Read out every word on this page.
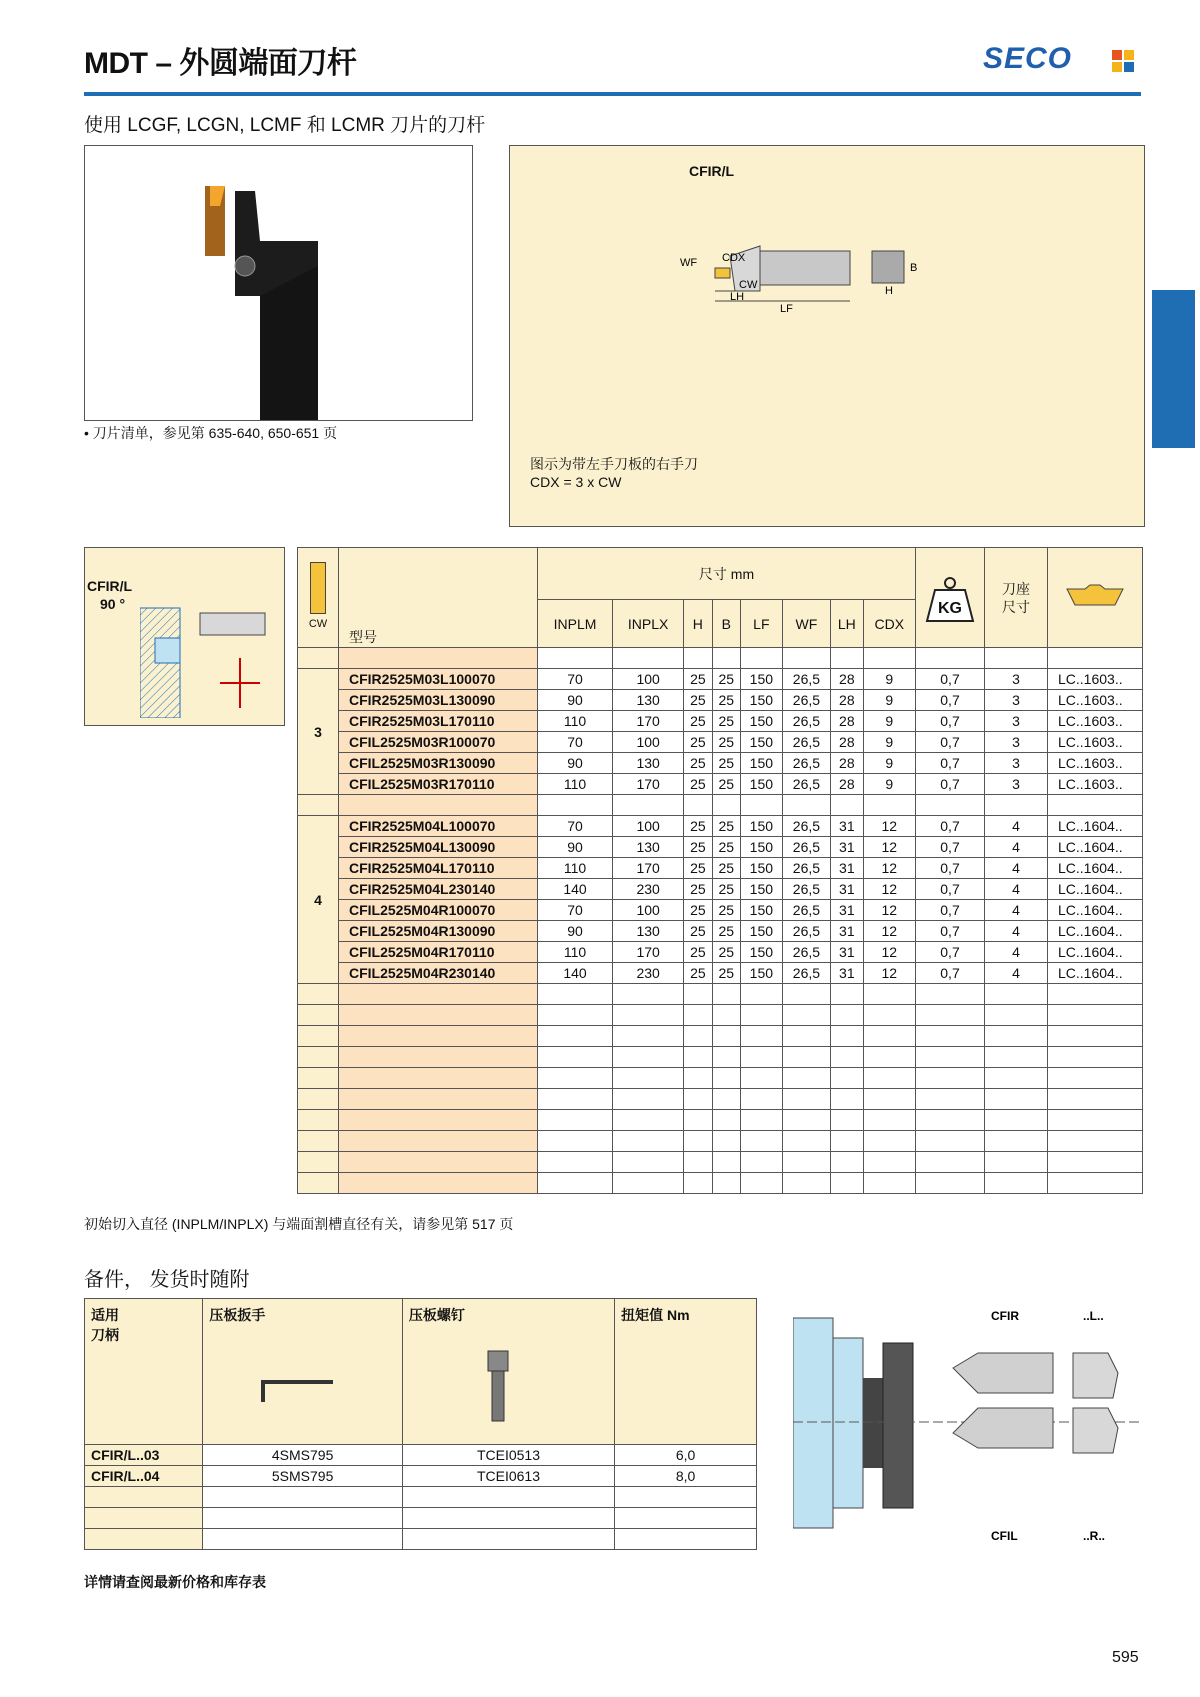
MDT – 外圆端面刀杆	SECO
使用 LCGF, LCGN, LCMF 和 LCMR 刀片的刀杆
• 刀片清单，参见第 635-640, 650-651 页
CFIR/L
CW
CDX
WF
LH
LF
B
H
图示为带左手刀板的右手刀
CDX = 3 x CW
CFIR/L
90 °
CW	型号	尺寸 mm								KG	刀座
尺寸	
		INPLM	INPLX	H	B	LF	WF	LH	CDX			

3	CFIR2525M03L100070	70	100	25	25	150	26,5	28	9	0,7	3	LC..1603..
	CFIR2525M03L130090	90	130	25	25	150	26,5	28	9	0,7	3	LC..1603..
	CFIR2525M03L170110	110	170	25	25	150	26,5	28	9	0,7	3	LC..1603..
	CFIL2525M03R100070	70	100	25	25	150	26,5	28	9	0,7	3	LC..1603..
	CFIL2525M03R130090	90	130	25	25	150	26,5	28	9	0,7	3	LC..1603..
	CFIL2525M03R170110	110	170	25	25	150	26,5	28	9	0,7	3	LC..1603..

4	CFIR2525M04L100070	70	100	25	25	150	26,5	31	12	0,7	4	LC..1604..
	CFIR2525M04L130090	90	130	25	25	150	26,5	31	12	0,7	4	LC..1604..
	CFIR2525M04L170110	110	170	25	25	150	26,5	31	12	0,7	4	LC..1604..
	CFIR2525M04L230140	140	230	25	25	150	26,5	31	12	0,7	4	LC..1604..
	CFIL2525M04R100070	70	100	25	25	150	26,5	31	12	0,7	4	LC..1604..
	CFIL2525M04R130090	90	130	25	25	150	26,5	31	12	0,7	4	LC..1604..
	CFIL2525M04R170110	110	170	25	25	150	26,5	31	12	0,7	4	LC..1604..
	CFIL2525M04R230140	140	230	25	25	150	26,5	31	12	0,7	4	LC..1604..

初始切入直径 (INPLM/INPLX) 与端面割槽直径有关，请参见第 517 页
备件， 发货时随附
适用
刀柄	压板扳手	压板螺钉	扭矩值 Nm
CFIR/L..03	4SMS795	TCEI0513	6,0
CFIR/L..04	5SMS795	TCEI0613	8,0

CFIR	..L..
CFIL	..R..
详情请查阅最新价格和库存表
595
